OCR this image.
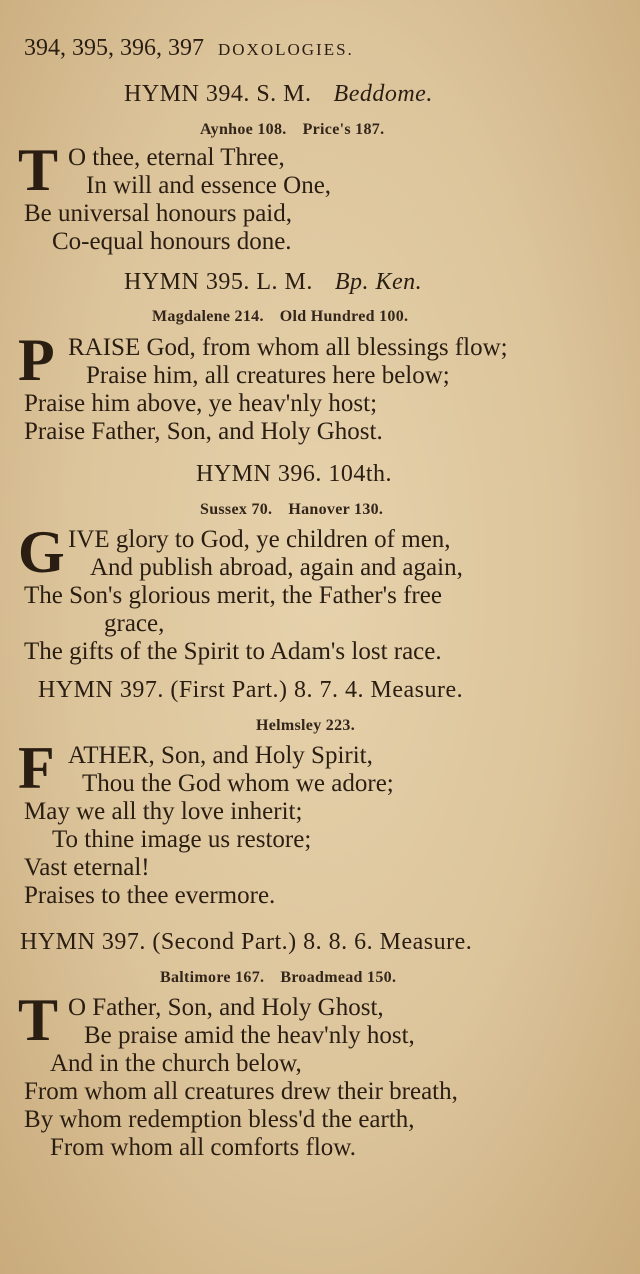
394, 395, 396, 397 DOXOLOGIES.
HYMN 394. S. M. Beddome.
Aynhoe 108. Price's 187.
T O thee, eternal Three,
In will and essence One,
Be universal honours paid,
Co-equal honours done.
HYMN 395. L. M. Bp. Ken.
Magdalene 214. Old Hundred 100.
P RAISE God, from whom all blessings flow;
Praise him, all creatures here below;
Praise him above, ye heav'nly host;
Praise Father, Son, and Holy Ghost.
HYMN 396. 104th.
Sussex 70. Hanover 130.
G IVE glory to God, ye children of men,
And publish abroad, again and again,
The Son's glorious merit, the Father's free
grace,
The gifts of the Spirit to Adam's lost race.
HYMN 397. (First Part.) 8. 7. 4. Measure.
Helmsley 223.
F ATHER, Son, and Holy Spirit,
Thou the God whom we adore;
May we all thy love inherit;
To thine image us restore;
Vast eternal!
Praises to thee evermore.
HYMN 397. (Second Part.) 8. 8. 6. Measure.
Baltimore 167. Broadmead 150.
T O Father, Son, and Holy Ghost,
Be praise amid the heav'nly host,
And in the church below,
From whom all creatures drew their breath,
By whom redemption bless'd the earth,
From whom all comforts flow.
